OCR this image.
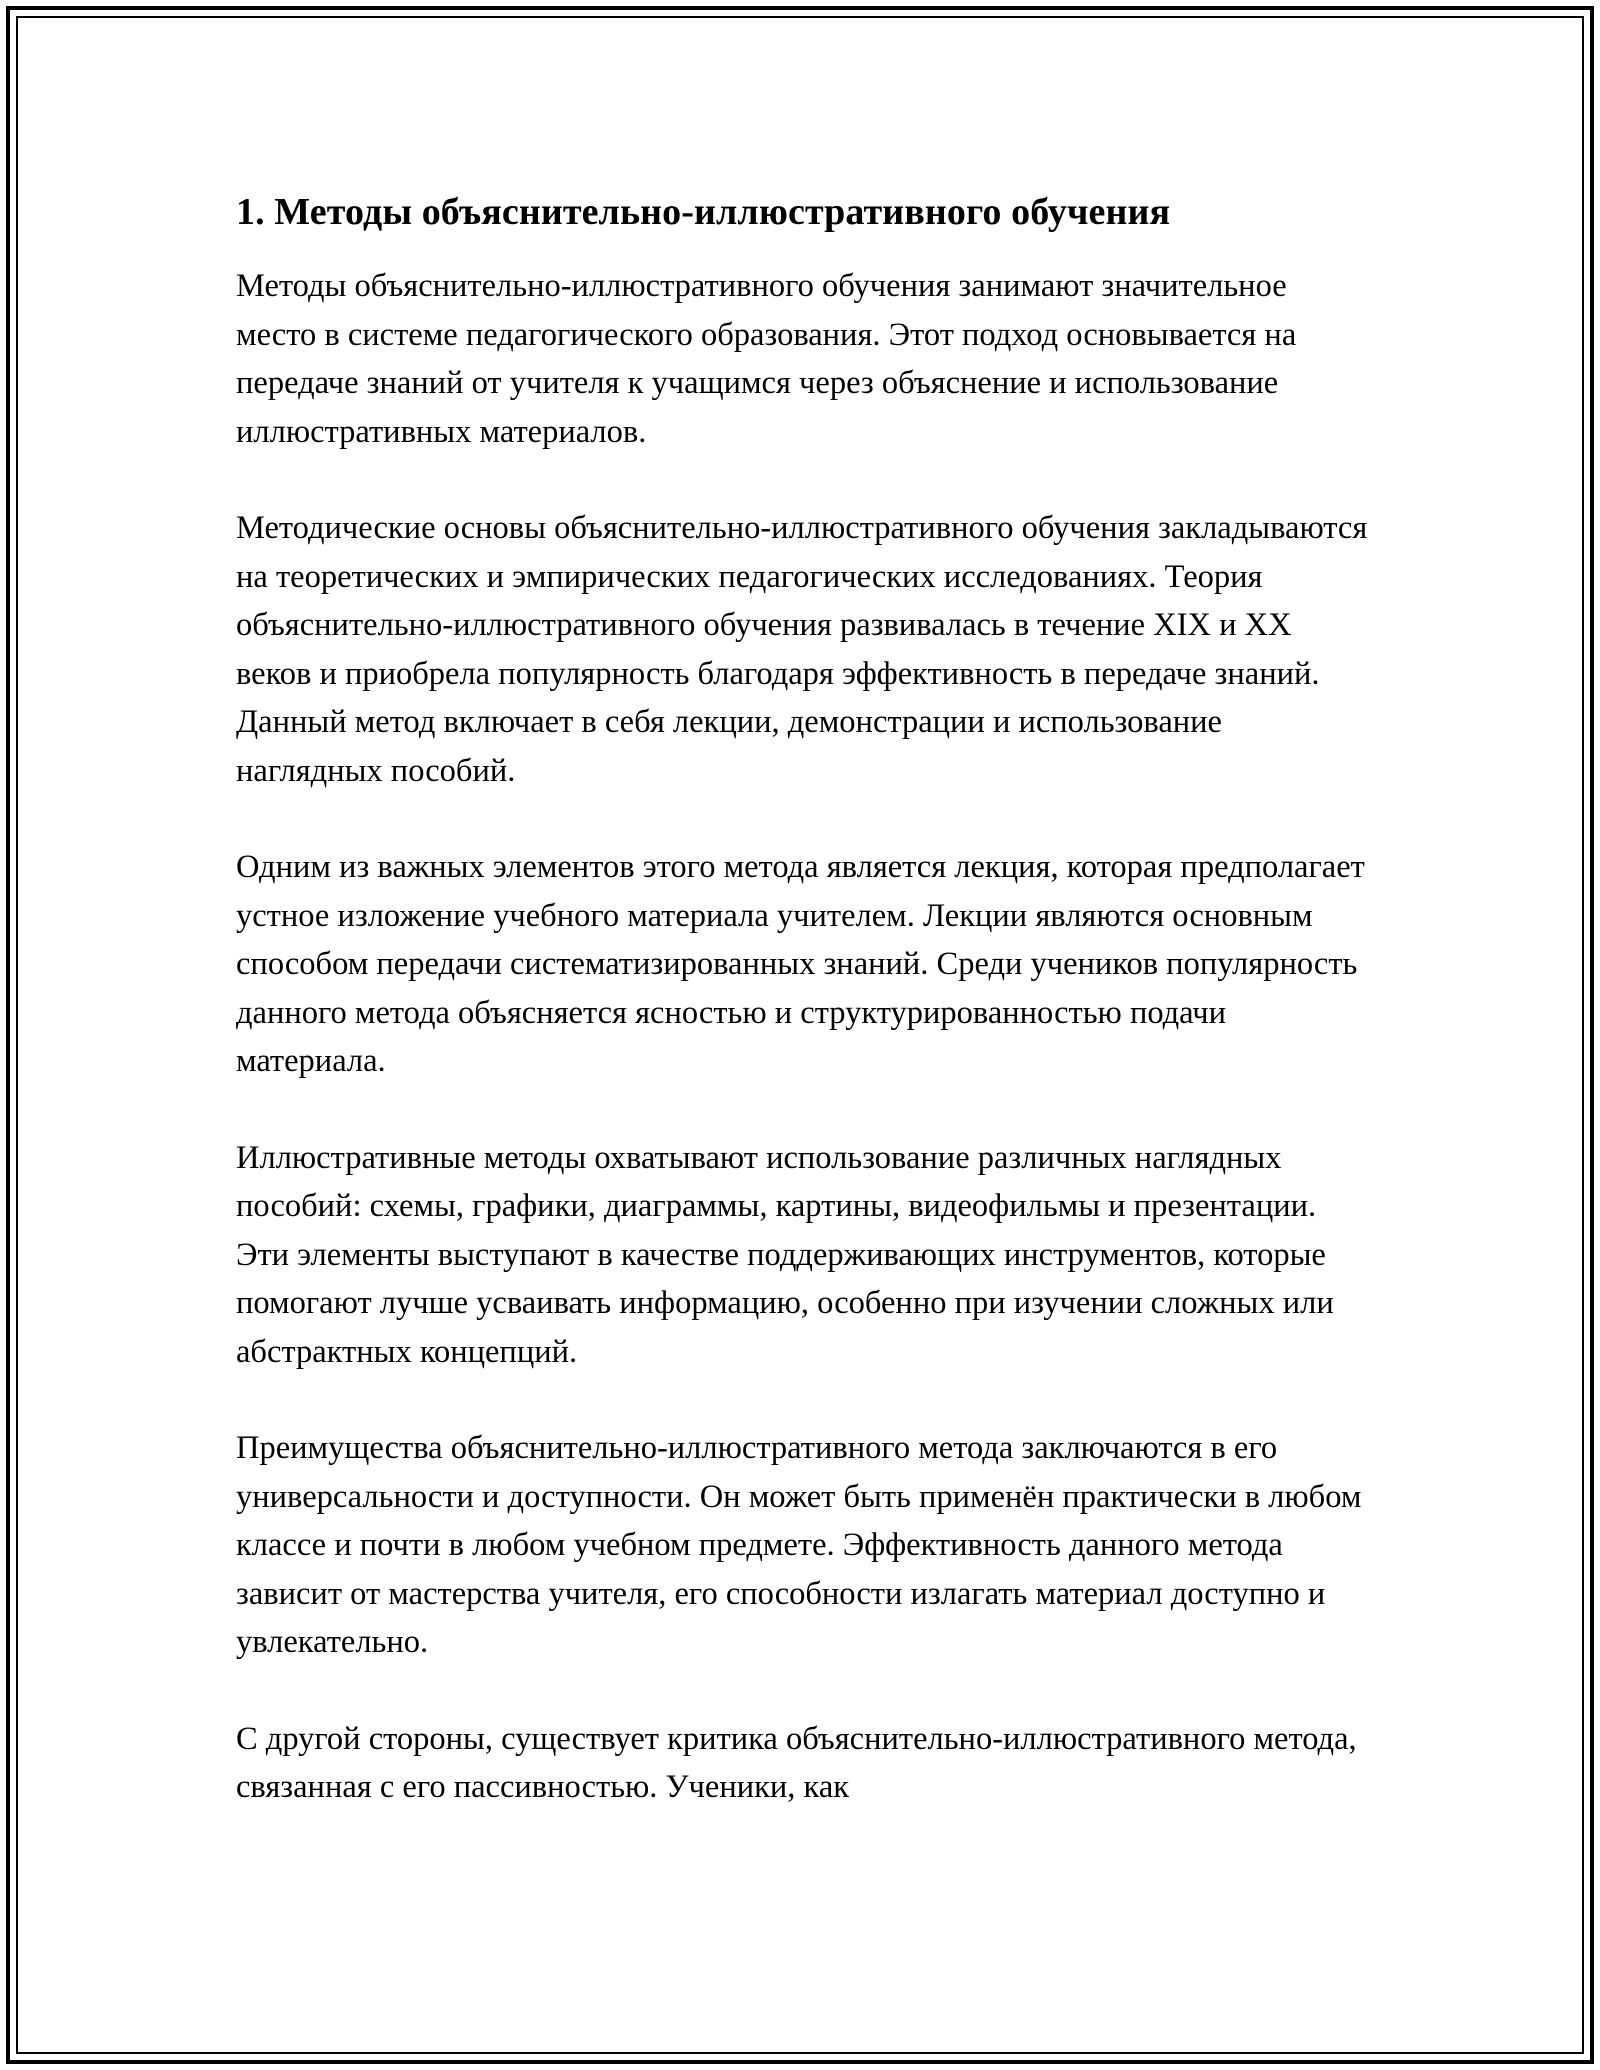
1. Методы объяснительно-иллюстративного обучения

Методы объяснительно-иллюстративного обучения занимают значительное место в системе педагогического образования. Этот подход основывается на передаче знаний от учителя к учащимся через объяснение и использование иллюстративных материалов.

Методические основы объяснительно-иллюстративного обучения закладываются на теоретических и эмпирических педагогических исследованиях. Теория объяснительно-иллюстративного обучения развивалась в течение XIX и XX веков и приобрела популярность благодаря эффективность в передаче знаний. Данный метод включает в себя лекции, демонстрации и использование наглядных пособий.

Одним из важных элементов этого метода является лекция, которая предполагает устное изложение учебного материала учителем. Лекции являются основным способом передачи систематизированных знаний. Среди учеников популярность данного метода объясняется ясностью и структурированностью подачи материала.

Иллюстративные методы охватывают использование различных наглядных пособий: схемы, графики, диаграммы, картины, видеофильмы и презентации. Эти элементы выступают в качестве поддерживающих инструментов, которые помогают лучше усваивать информацию, особенно при изучении сложных или абстрактных концепций.

Преимущества объяснительно-иллюстративного метода заключаются в его универсальности и доступности. Он может быть применён практически в любом классе и почти в любом учебном предмете. Эффективность данного метода зависит от мастерства учителя, его способности излагать материал доступно и увлекательно.

С другой стороны, существует критика объяснительно-иллюстративного метода, связанная с его пассивностью. Ученики, как
